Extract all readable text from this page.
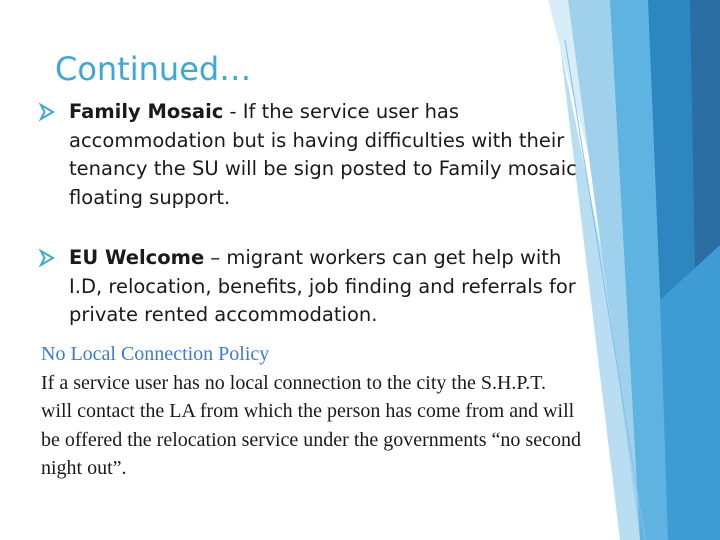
Continued…
Family Mosaic - If the service user has accommodation but is having difficulties with their tenancy the SU will be sign posted to Family mosaic floating support.
EU Welcome – migrant workers can get help with I.D, relocation, benefits, job finding and referrals for private rented accommodation.
No Local Connection Policy
If a service user has no local connection to the city the S.H.P.T. will contact the LA from which the person has come from and will be offered the relocation service under the governments “no second night out”.
